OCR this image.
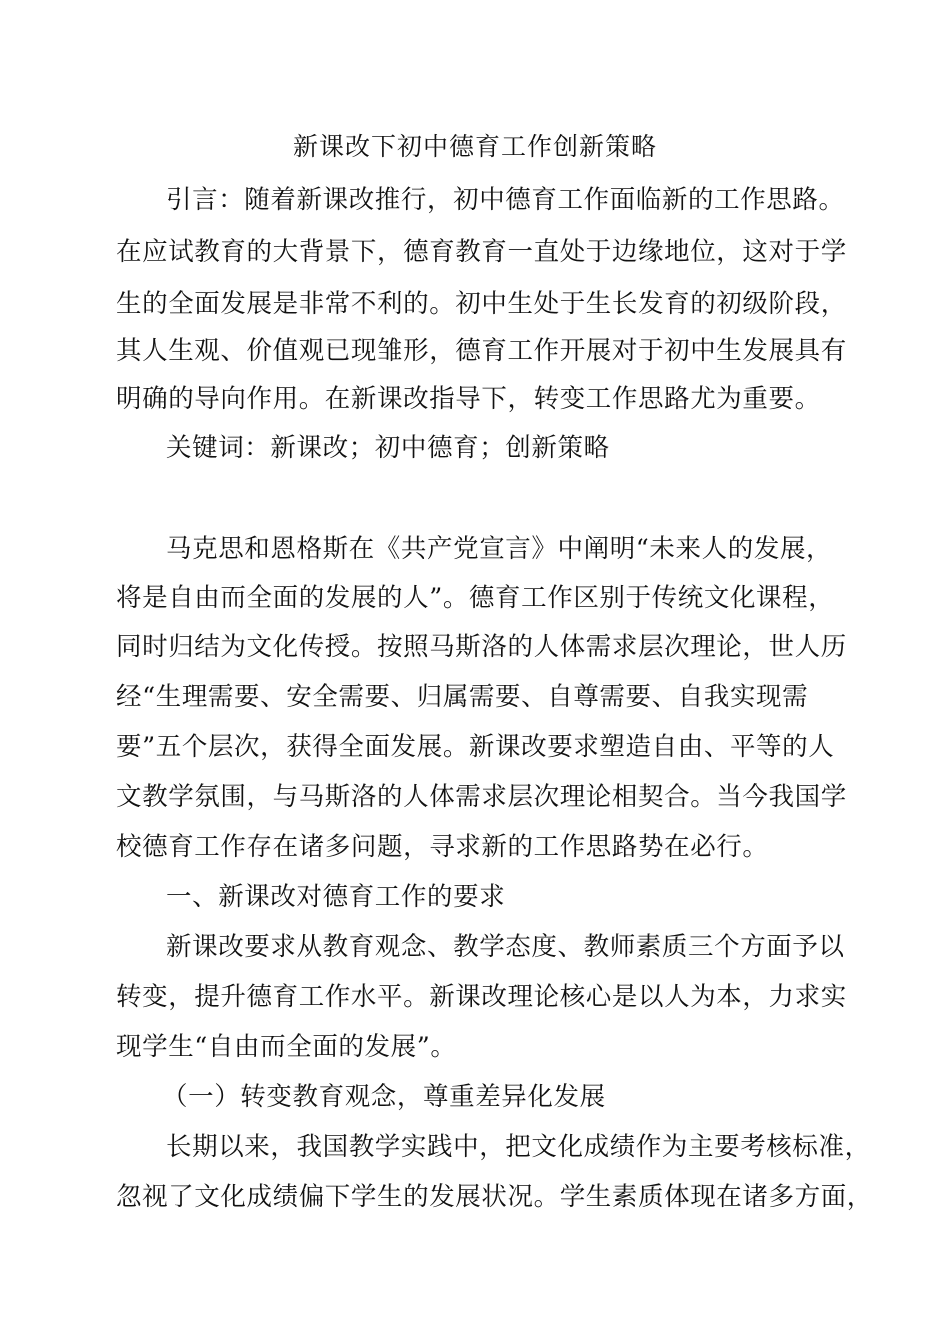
新课改下初中德育工作创新策略
引言：随着新课改推行，初中德育工作面临新的工作思路。
在应试教育的大背景下，德育教育一直处于边缘地位，这对于学
生的全面发展是非常不利的。初中生处于生长发育的初级阶段，
其人生观、价值观已现雏形，德育工作开展对于初中生发展具有
明确的导向作用。在新课改指导下，转变工作思路尤为重要。
关键词：新课改；初中德育；创新策略
马克思和恩格斯在《共产党宣言》中阐明“未来人的发展，
将是自由而全面的发展的人”。德育工作区别于传统文化课程，
同时归结为文化传授。按照马斯洛的人体需求层次理论，世人历
经“生理需要、安全需要、归属需要、自尊需要、自我实现需
要”五个层次，获得全面发展。新课改要求塑造自由、平等的人
文教学氛围，与马斯洛的人体需求层次理论相契合。当今我国学
校德育工作存在诸多问题，寻求新的工作思路势在必行。
一、新课改对德育工作的要求
新课改要求从教育观念、教学态度、教师素质三个方面予以
转变，提升德育工作水平。新课改理论核心是以人为本，力求实
现学生“自由而全面的发展”。
（一）转变教育观念，尊重差异化发展
长期以来，我国教学实践中，把文化成绩作为主要考核标准，
忽视了文化成绩偏下学生的发展状况。学生素质体现在诸多方面，
